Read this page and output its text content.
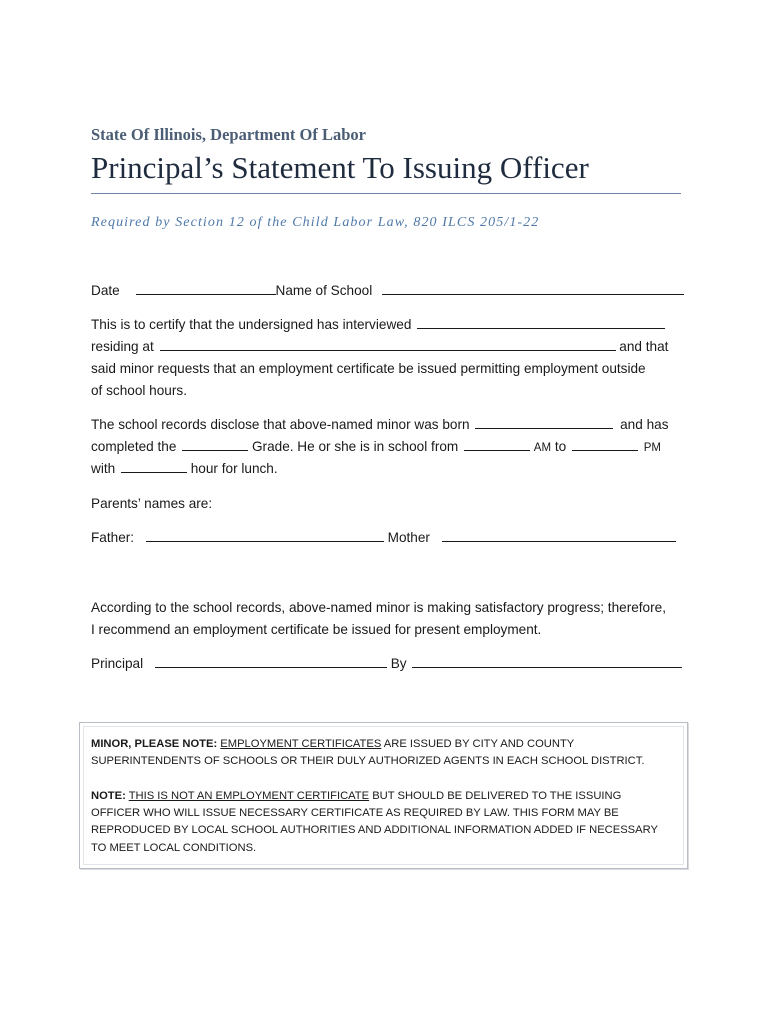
State Of Illinois, Department Of Labor
Principal’s Statement To Issuing Officer
Required by Section 12 of the Child Labor Law, 820 ILCS 205/1-22
Date	Name of School
This is to certify that the undersigned has interviewed
residing at	and that
said minor requests that an employment certificate be issued permitting employment outside
of school hours.
The school records disclose that above-named minor was born	and has
completed the	Grade. He or she is in school from	AM to	PM
with	hour for lunch.
Parents’ names are:
Father:	Mother
According to the school records, above-named minor is making satisfactory progress; therefore,
I recommend an employment certificate be issued for present employment.
Principal	By
MINOR, PLEASE NOTE: EMPLOYMENT CERTIFICATES ARE ISSUED BY CITY AND COUNTY
SUPERINTENDENTS OF SCHOOLS OR THEIR DULY AUTHORIZED AGENTS IN EACH SCHOOL DISTRICT.
NOTE: THIS IS NOT AN EMPLOYMENT CERTIFICATE BUT SHOULD BE DELIVERED TO THE ISSUING
OFFICER WHO WILL ISSUE NECESSARY CERTIFICATE AS REQUIRED BY LAW. THIS FORM MAY BE
REPRODUCED BY LOCAL SCHOOL AUTHORITIES AND ADDITIONAL INFORMATION ADDED IF NECESSARY
TO MEET LOCAL CONDITIONS.
